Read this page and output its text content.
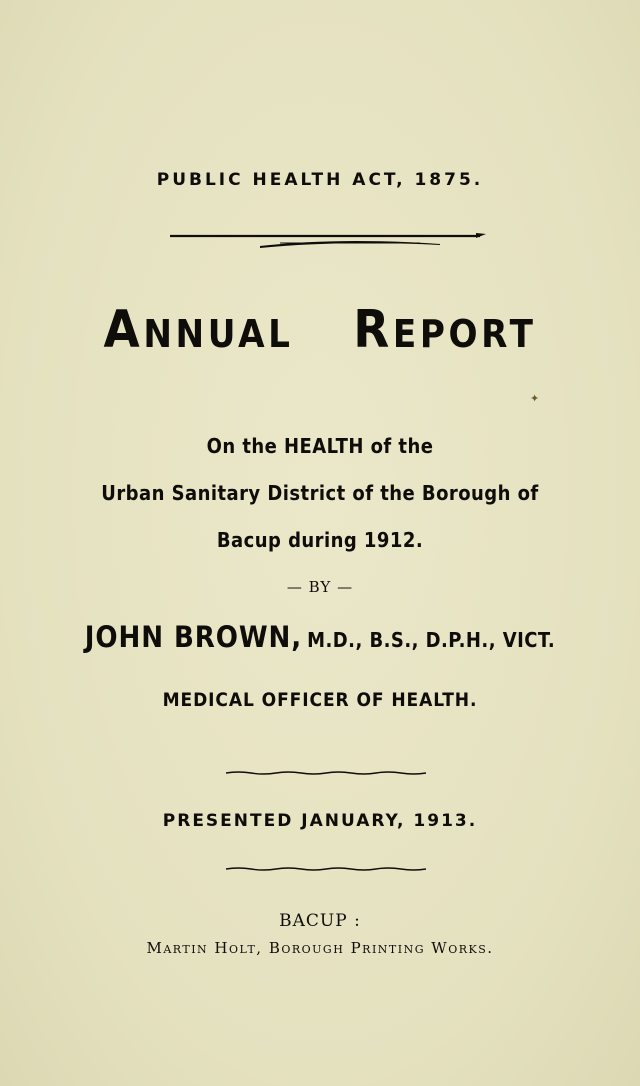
PUBLIC HEALTH ACT, 1875.
ANNUAL REPORT
✦
On the HEALTH of the
Urban Sanitary District of the Borough of
Bacup during 1912.
— BY —
JOHN BROWN, M.D., B.S., D.P.H., VICT.
MEDICAL OFFICER OF HEALTH.
PRESENTED JANUARY, 1913.
BACUP :
Martin Holt, Borough Printing Works.
